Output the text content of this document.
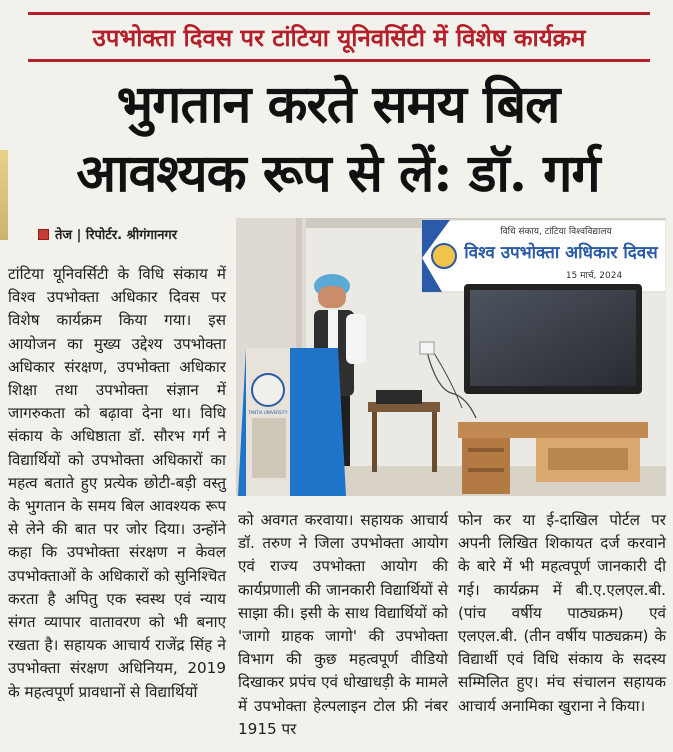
उपभोक्ता दिवस पर टांटिया यूनिवर्सिटी में विशेष कार्यक्रम
भुगतान करते समय बिल
आवश्यक रूप से लें: डॉ. गर्ग
तेज | रिपोर्टर. श्रीगंगानगर

टांटिया यूनिवर्सिटी के विधि संकाय में विश्व उपभोक्ता अधिकार दिवस पर विशेष कार्यक्रम किया गया। इस आयोजन का मुख्य उद्देश्य उपभोक्ता अधिकार संरक्षण, उपभोक्ता अधिकार शिक्षा तथा उपभोक्ता संज्ञान में जागरुकता को बढ़ावा देना था। विधि संकाय के अधिष्ठाता डॉ. सौरभ गर्ग ने विद्यार्थियों को उपभोक्ता अधिकारों का महत्व बताते हुए प्रत्येक छोटी-बड़ी वस्तु के भुगतान के समय बिल आवश्यक रूप से लेने की बात पर जोर दिया। उन्होंने कहा कि उपभोक्ता संरक्षण न केवल उपभोक्ताओं के अधिकारों को सुनिश्चित करता है अपितु एक स्वस्थ एवं न्याय संगत व्यापार वातावरण को भी बनाए रखता है। सहायक आचार्य राजेंद्र सिंह ने उपभोक्ता संरक्षण अधिनियम, 2019 के महत्वपूर्ण प्रावधानों से विद्यार्थियों

को अवगत करवाया। सहायक आचार्य डॉ. तरुण ने जिला उपभोक्ता आयोग एवं राज्य उपभोक्ता आयोग की कार्यप्रणाली की जानकारी विद्यार्थियों से साझा की। इसी के साथ विद्यार्थियों को 'जागो ग्राहक जागो' की उपभोक्ता विभाग की कुछ महत्वपूर्ण वीडियो दिखाकर प्रपंच एवं धोखाधड़ी के मामले में उपभोक्ता हेल्पलाइन टोल फ्री नंबर 1915 पर

फोन कर या ई-दाखिल पोर्टल पर अपनी लिखित शिकायत दर्ज करवाने के बारे में भी महत्वपूर्ण जानकारी दी गई। कार्यक्रम में बी.ए.एलएल.बी. (पांच वर्षीय पाठ्यक्रम) एवं एलएल.बी. (तीन वर्षीय पाठ्यक्रम) के विद्यार्थी एवं विधि संकाय के सदस्य सम्मिलित हुए। मंच संचालन सहायक आचार्य अनामिका खुराना ने किया।

विधि संकाय, टांटिया विश्वविद्यालय
विश्व उपभोक्ता अधिकार दिवस
15 मार्च, 2024
TANTIA UNIVERSITY
